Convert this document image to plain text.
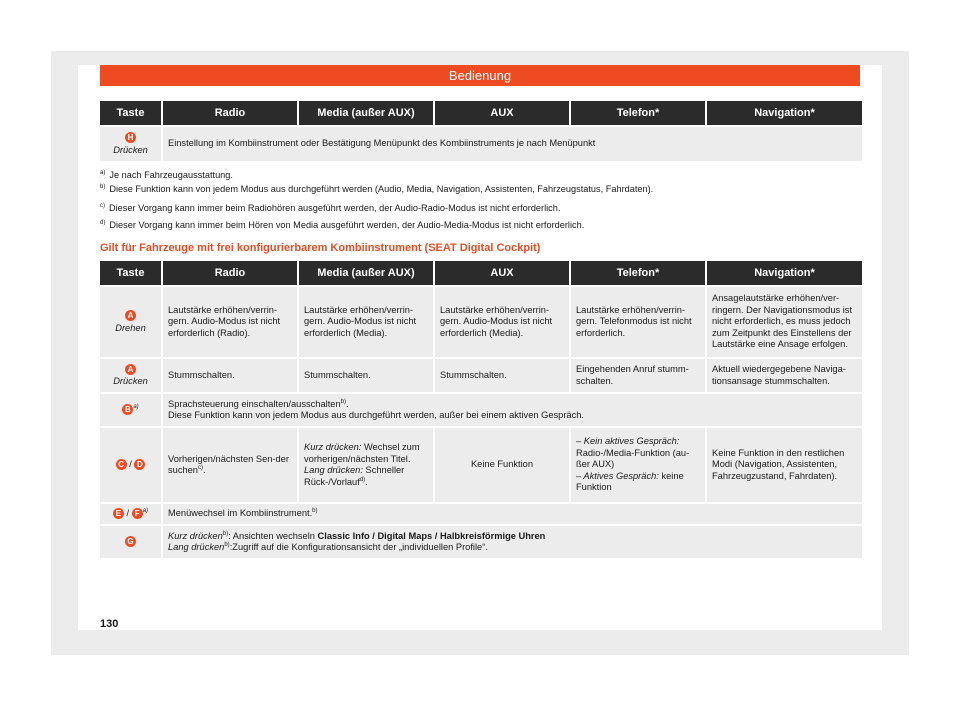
Bedienung
Taste	Radio	Media (außer AUX)	AUX	Telefon*	Navigation*

H
Drücken	Einstellung im Kombiinstrument oder Bestätigung Menüpunkt des Kombiinstruments je nach Menüpunkt				
$^{a)}$ Je nach Fahrzeugausstattung.
$^{b)}$ Diese Funktion kann von jedem Modus aus durchgeführt werden (Audio, Media, Navigation, Assistenten, Fahrzeugstatus, Fahrdaten).
$^{c)}$ Dieser Vorgang kann immer beim Radiohören ausgeführt werden, der Audio-Radio-Modus ist nicht erforderlich.
$^{d)}$ Dieser Vorgang kann immer beim Hören von Media ausgeführt werden, der Audio-Media-Modus ist nicht erforderlich.
Gilt für Fahrzeuge mit frei konfigurierbarem Kombiinstrument (SEAT Digital Cockpit)
Taste	Radio	Media (außer AUX)	AUX	Telefon*	Navigation*

A
Drehen	Lautstärke erhöhen/verrin-gern. Audio-Modus ist nicht erforderlich (Radio).	Lautstärke erhöhen/verrin-gern. Audio-Modus ist nicht erforderlich (Media).	Lautstärke erhöhen/verrin-gern. Audio-Modus ist nicht erforderlich (Media).	Lautstärke erhöhen/verrin-gern. Telefonmodus ist nicht erforderlich.	Ansagelautstärke erhöhen/ver-ringern. Der Navigationsmodus ist nicht erforderlich, es muss jedoch zum Zeitpunkt des Einstellens der Lautstärke eine Ansage erfolgen.

A
Drücken	Stummschalten.	Stummschalten.	Stummschalten.	Eingehenden Anruf stumm-schalten.	Aktuell wiedergegebene Naviga-tionsansage stummschalten.

B $^{a)}$	Sprachsteuerung einschalten/ausschalten$^{b)}$.
Diese Funktion kann von jedem Modus aus durchgeführt werden, außer bei einem aktiven Gespräch.				

C / D	Vorherigen/nächsten Sen-der suchen$^{c)}$.	Kurz drücken: Wechsel zum vorherigen/nächsten Titel.
Lang drücken: Schneller Rück-/Vorlauf$^{d)}$.	Keine Funktion	– Kein aktives Gespräch:
Radio-/Media-Funktion (au-ßer AUX)
– Aktives Gespräch: keine Funktion	Keine Funktion in den restlichen Modi (Navigation, Assistenten, Fahrzeugzustand, Fahrdaten).

E / F $^{a)}$	Menüwechsel im Kombiinstrument.$^{b)}$

G	Kurz drücken$^{b)}$: Ansichten wechseln Classic Info / Digital Maps / Halbkreisförmige Uhren
Lang drücken$^{b)}$:Zugriff auf die Konfigurationsansicht der „individuellen Profile“.				
130
